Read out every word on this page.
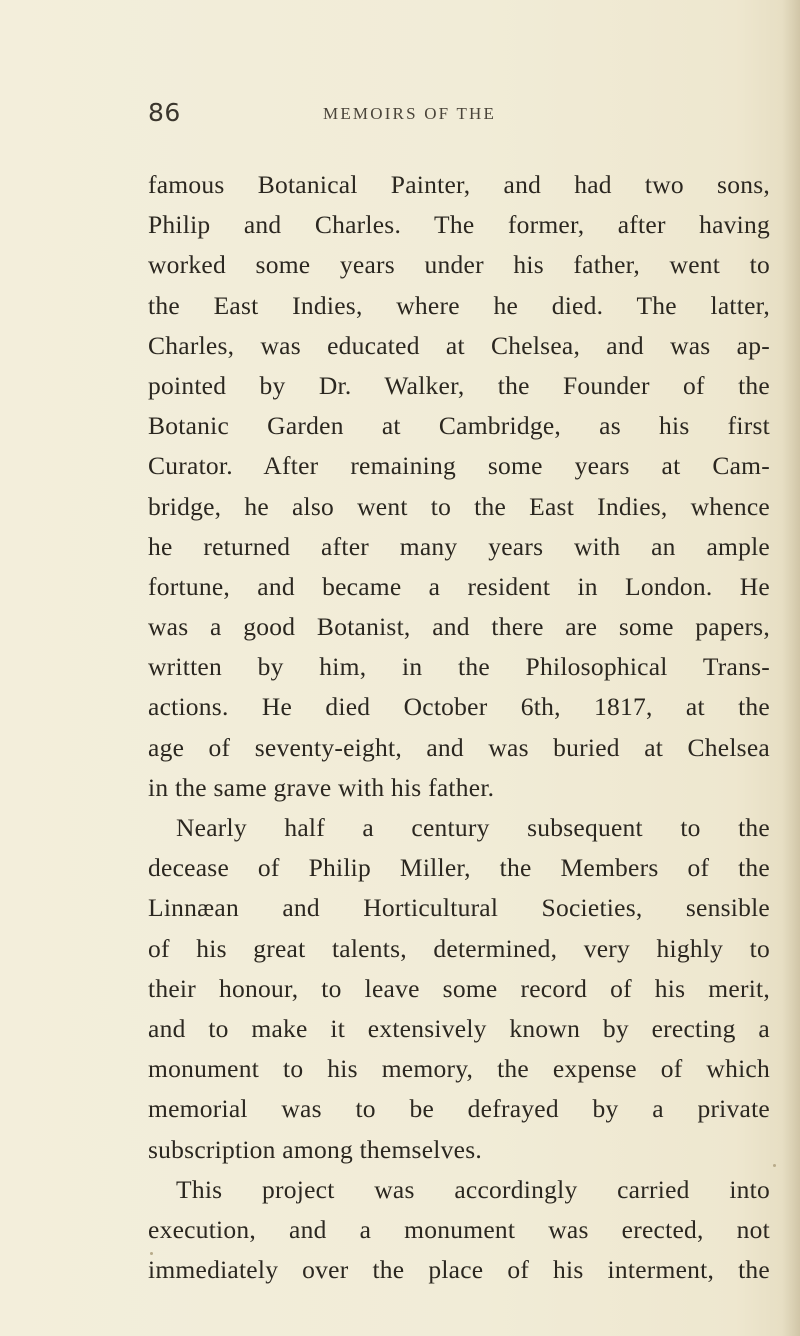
86	MEMOIRS OF THE
famous Botanical Painter, and had two sons,
Philip and Charles. The former, after having
worked some years under his father, went to
the East Indies, where he died. The latter,
Charles, was educated at Chelsea, and was ap-
pointed by Dr. Walker, the Founder of the
Botanic Garden at Cambridge, as his first
Curator. After remaining some years at Cam-
bridge, he also went to the East Indies, whence
he returned after many years with an ample
fortune, and became a resident in London. He
was a good Botanist, and there are some papers,
written by him, in the Philosophical Trans-
actions. He died October 6th, 1817, at the
age of seventy-eight, and was buried at Chelsea
in the same grave with his father.
Nearly half a century subsequent to the
decease of Philip Miller, the Members of the
Linnæan and Horticultural Societies, sensible
of his great talents, determined, very highly to
their honour, to leave some record of his merit,
and to make it extensively known by erecting a
monument to his memory, the expense of which
memorial was to be defrayed by a private
subscription among themselves.
This project was accordingly carried into
execution, and a monument was erected, not
immediately over the place of his interment, the
